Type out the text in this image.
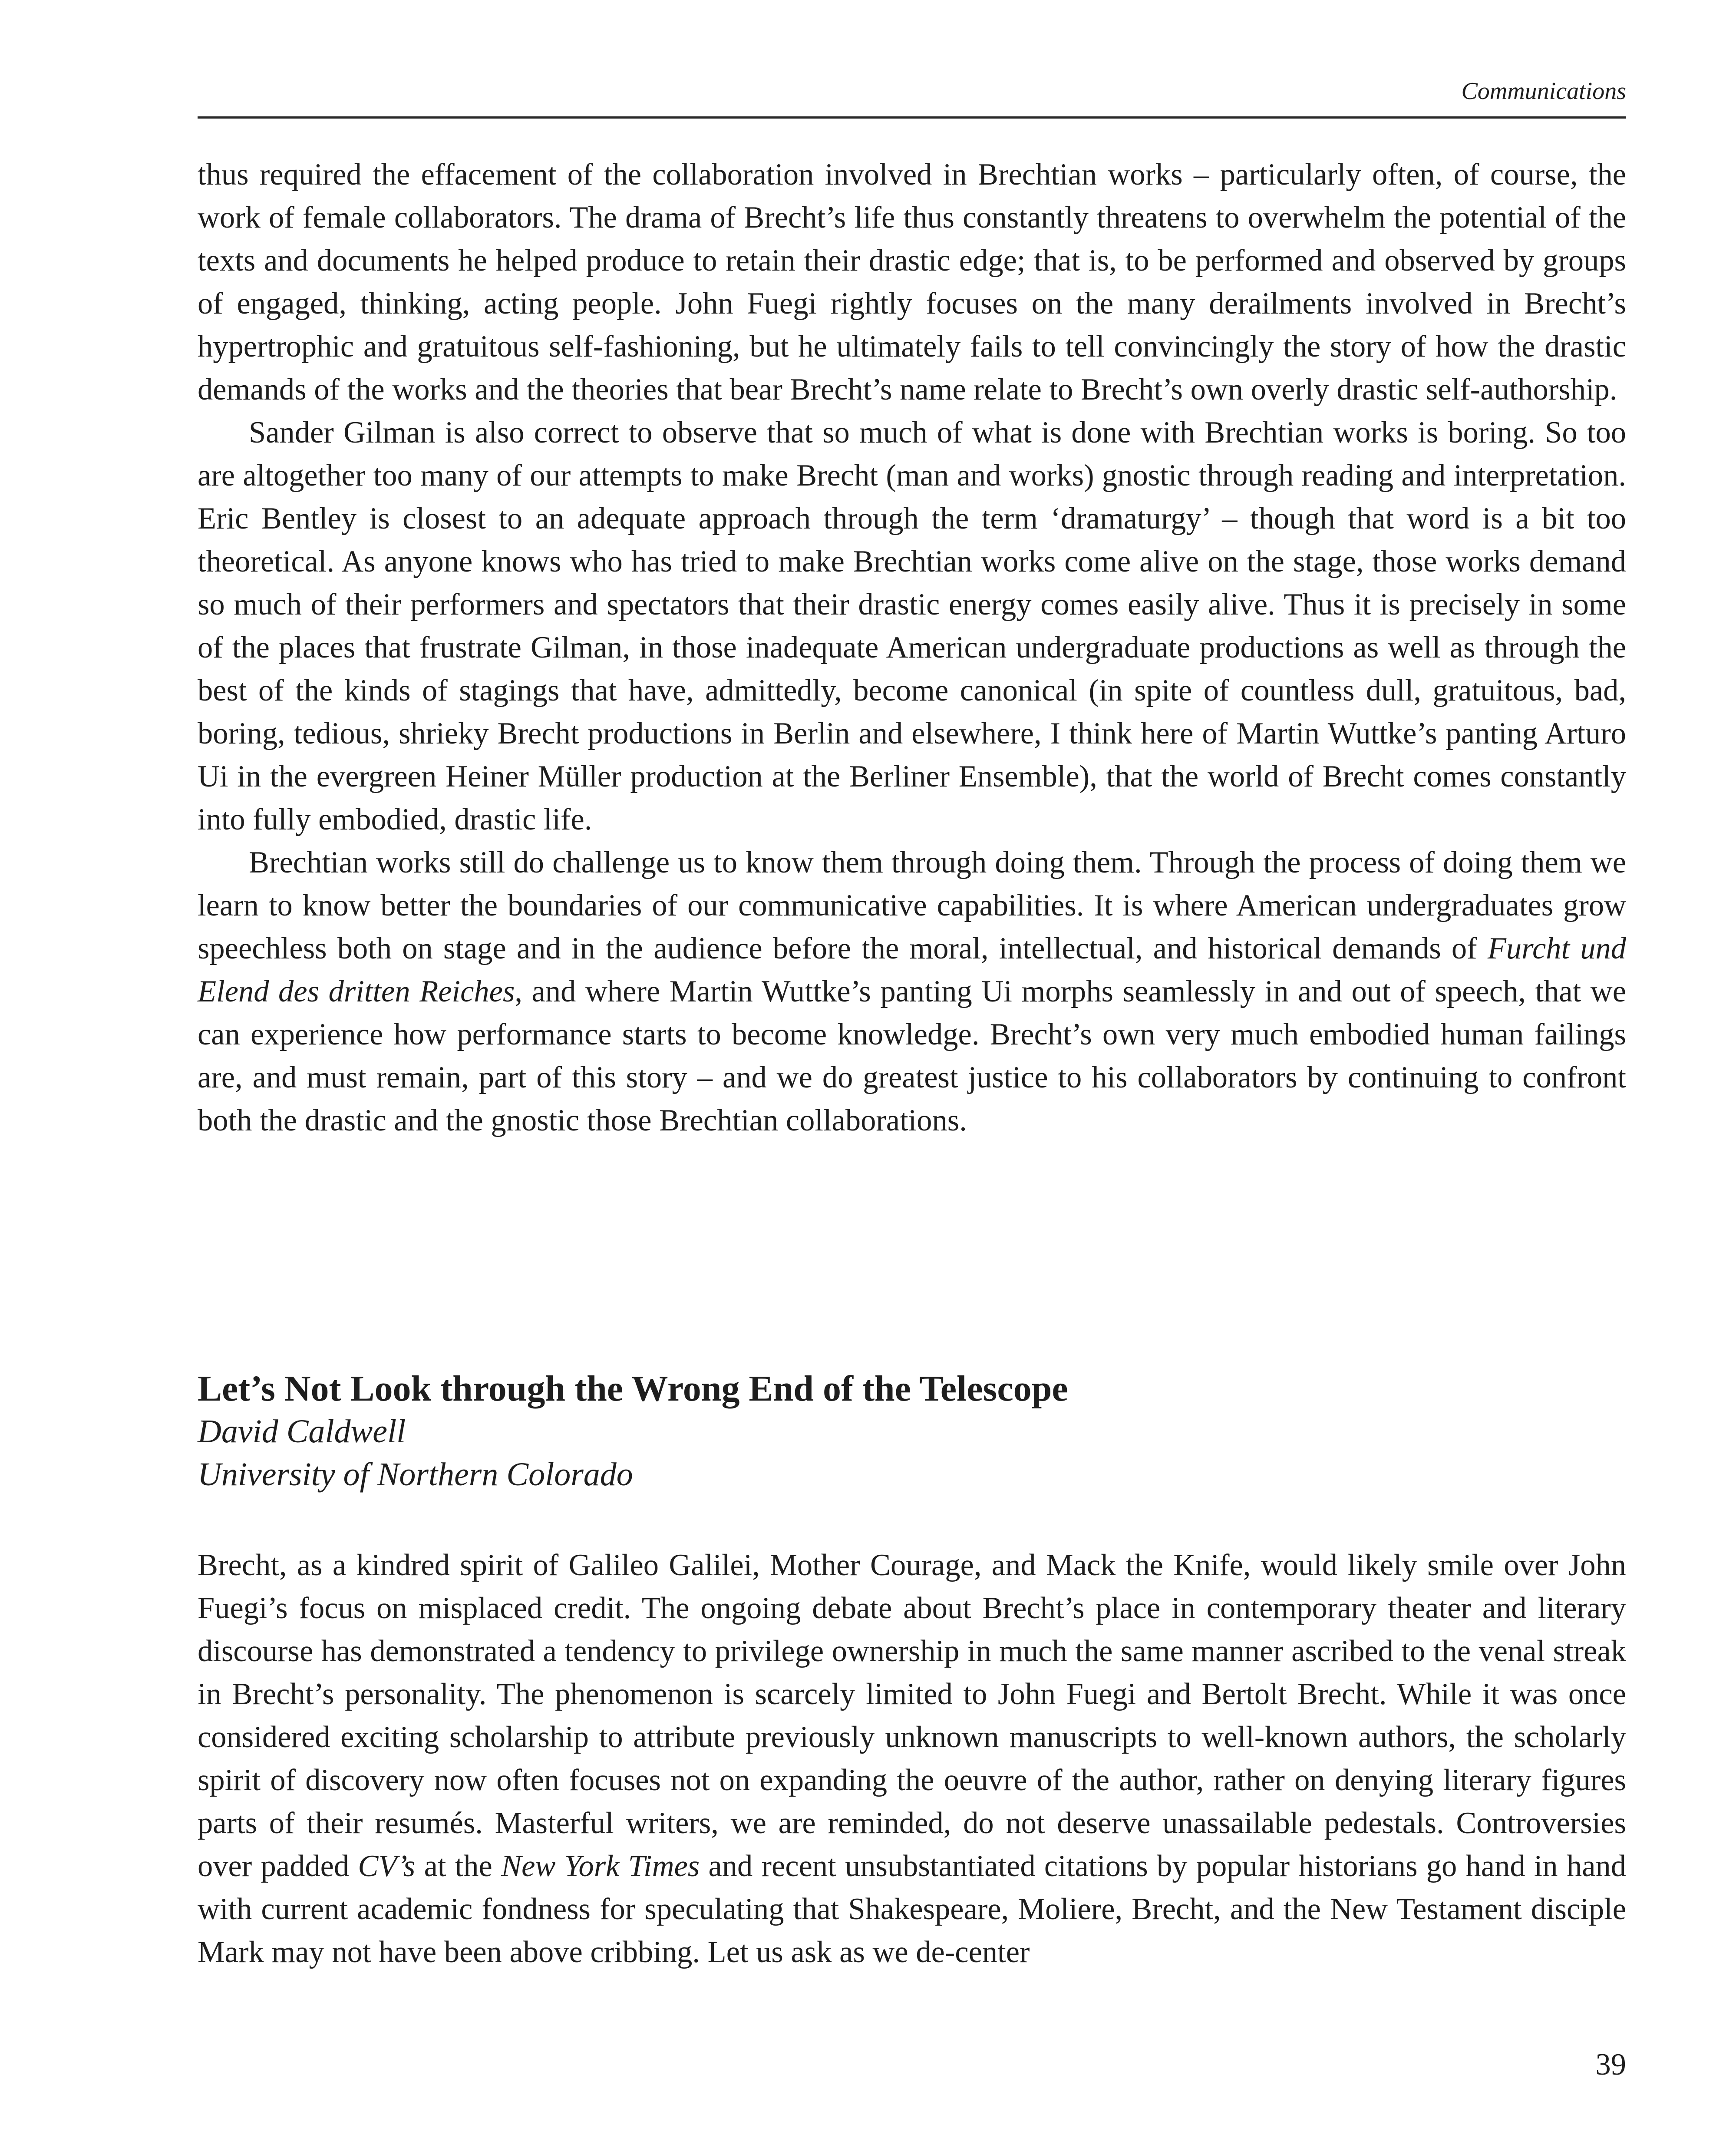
Communications

thus required the effacement of the collaboration involved in Brechtian works – particularly often, of course, the work of female collaborators. The drama of Brecht’s life thus constantly threatens to overwhelm the potential of the texts and documents he helped produce to retain their drastic edge; that is, to be performed and observed by groups of engaged, thinking, acting people. John Fuegi rightly focuses on the many derailments involved in Brecht’s hypertrophic and gratuitous self-fashioning, but he ultimately fails to tell convincingly the story of how the drastic demands of the works and the theories that bear Brecht’s name relate to Brecht’s own overly drastic self-authorship.

Sander Gilman is also correct to observe that so much of what is done with Brechtian works is boring. So too are altogether too many of our attempts to make Brecht (man and works) gnostic through reading and interpretation. Eric Bentley is closest to an adequate approach through the term ‘dramaturgy’ – though that word is a bit too theoretical. As anyone knows who has tried to make Brechtian works come alive on the stage, those works demand so much of their performers and spectators that their drastic energy comes easily alive. Thus it is precisely in some of the places that frustrate Gilman, in those inadequate American undergraduate productions as well as through the best of the kinds of stagings that have, admittedly, become canonical (in spite of countless dull, gratuitous, bad, boring, tedious, shrieky Brecht productions in Berlin and elsewhere, I think here of Martin Wuttke’s panting Arturo Ui in the evergreen Heiner Müller production at the Berliner Ensemble), that the world of Brecht comes constantly into fully embodied, drastic life.

Brechtian works still do challenge us to know them through doing them. Through the process of doing them we learn to know better the boundaries of our communicative capabilities. It is where American undergraduates grow speechless both on stage and in the audience before the moral, intellectual, and historical demands of Furcht und Elend des dritten Reiches, and where Martin Wuttke’s panting Ui morphs seamlessly in and out of speech, that we can experience how performance starts to become knowledge. Brecht’s own very much embodied human failings are, and must remain, part of this story – and we do greatest justice to his collaborators by continuing to confront both the drastic and the gnostic those Brechtian collaborations.

Let’s Not Look through the Wrong End of the Telescope
David Caldwell
University of Northern Colorado

Brecht, as a kindred spirit of Galileo Galilei, Mother Courage, and Mack the Knife, would likely smile over John Fuegi’s focus on misplaced credit. The ongoing debate about Brecht’s place in contemporary theater and literary discourse has demonstrated a tendency to privilege ownership in much the same manner ascribed to the venal streak in Brecht’s personality. The phenomenon is scarcely limited to John Fuegi and Bertolt Brecht. While it was once considered exciting scholarship to attribute previously unknown manuscripts to well-known authors, the scholarly spirit of discovery now often focuses not on expanding the oeuvre of the author, rather on denying literary figures parts of their resumés. Masterful writers, we are reminded, do not deserve unassailable pedestals. Controversies over padded CV’s at the New York Times and recent unsubstantiated citations by popular historians go hand in hand with current academic fondness for speculating that Shakespeare, Moliere, Brecht, and the New Testament disciple Mark may not have been above cribbing. Let us ask as we de-center

39
